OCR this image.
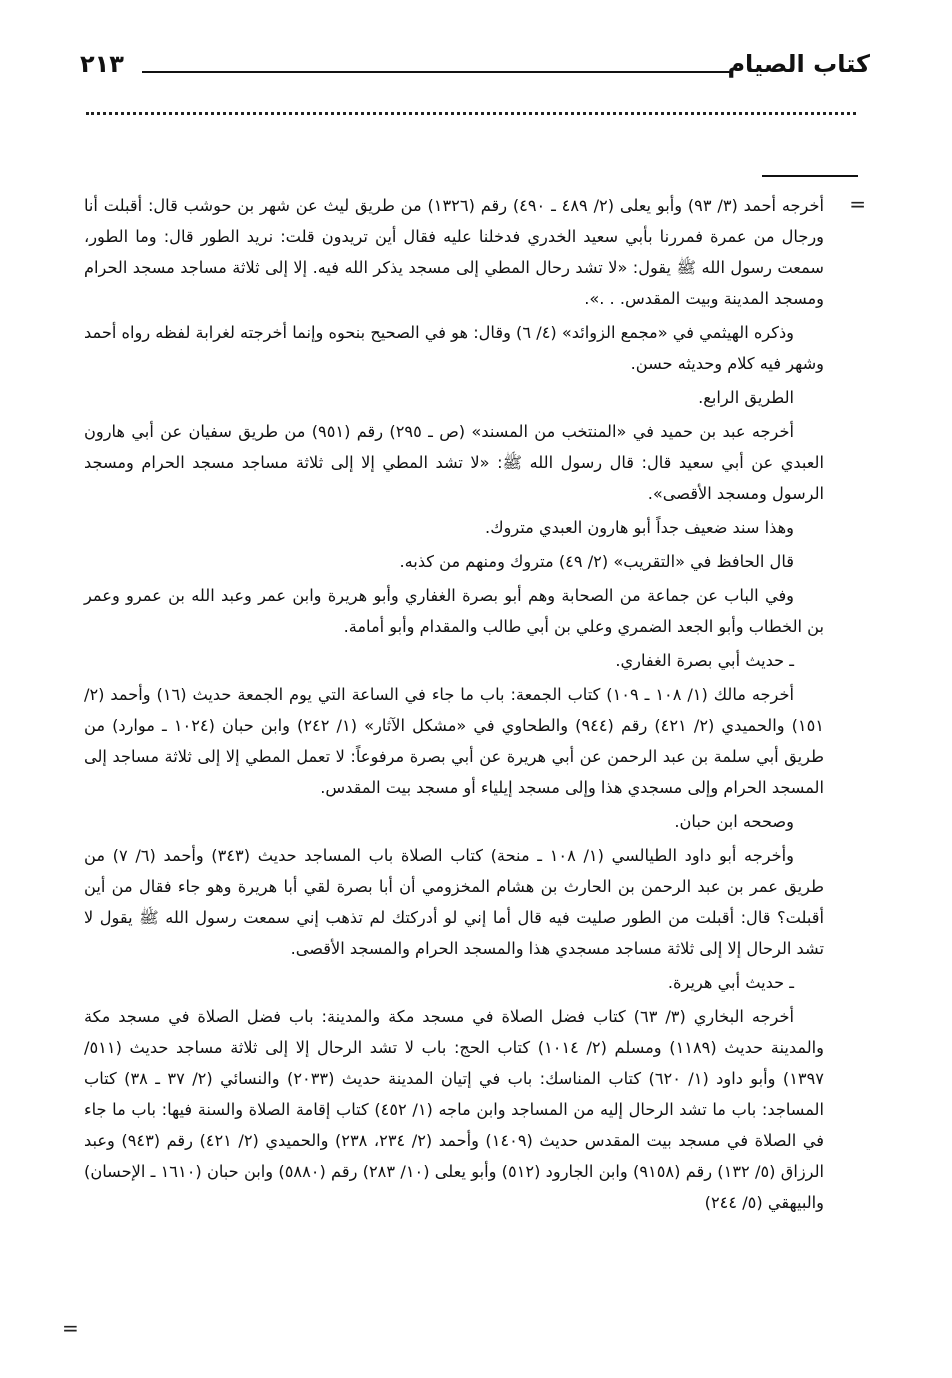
كتاب الصيام
٢١٣
=

أخرجه أحمد (٣/ ٩٣) وأبو يعلى (٢/ ٤٨٩ ـ ٤٩٠) رقم (١٣٢٦) من طريق ليث عن شهر بن حوشب قال: أقبلت أنا ورجال من عمرة فمررنا بأبي سعيد الخدري فدخلنا عليه فقال أين تريدون قلت: نريد الطور قال: وما الطور، سمعت رسول الله ﷺ يقول: «لا تشد رحال المطي إلى مسجد يذكر الله فيه. إلا إلى ثلاثة مساجد مسجد الحرام ومسجد المدينة وبيت المقدس. . .».

وذكره الهيثمي في «مجمع الزوائد» (٤/ ٦) وقال: هو في الصحيح بنحوه وإنما أخرجته لغرابة لفظه رواه أحمد وشهر فيه كلام وحديثه حسن.

الطريق الرابع.

أخرجه عبد بن حميد في «المنتخب من المسند» (ص ـ ٢٩٥) رقم (٩٥١) من طريق سفيان عن أبي هارون العبدي عن أبي سعيد قال: قال رسول الله ﷺ: «لا تشد المطي إلا إلى ثلاثة مساجد مسجد الحرام ومسجد الرسول ومسجد الأقصى».

وهذا سند ضعيف جداً أبو هارون العبدي متروك.

قال الحافظ في «التقريب» (٢/ ٤٩) متروك ومنهم من كذبه.

وفي الباب عن جماعة من الصحابة وهم أبو بصرة الغفاري وأبو هريرة وابن عمر وعبد الله بن عمرو وعمر بن الخطاب وأبو الجعد الضمري وعلي بن أبي طالب والمقدام وأبو أمامة.

ـ حديث أبي بصرة الغفاري.

أخرجه مالك (١/ ١٠٨ ـ ١٠٩) كتاب الجمعة: باب ما جاء في الساعة التي يوم الجمعة حديث (١٦) وأحمد (٢/ ١٥١) والحميدي (٢/ ٤٢١) رقم (٩٤٤) والطحاوي في «مشكل الآثار» (١/ ٢٤٢) وابن حبان (١٠٢٤ ـ موارد) من طريق أبي سلمة بن عبد الرحمن عن أبي هريرة عن أبي بصرة مرفوعاً: لا تعمل المطي إلا إلى ثلاثة مساجد إلى المسجد الحرام وإلى مسجدي هذا وإلى مسجد إيلياء أو مسجد بيت المقدس.

وصححه ابن حبان.

وأخرجه أبو داود الطيالسي (١/ ١٠٨ ـ منحة) كتاب الصلاة باب المساجد حديث (٣٤٣) وأحمد (٦/ ٧) من طريق عمر بن عبد الرحمن بن الحارث بن هشام المخزومي أن أبا بصرة لقي أبا هريرة وهو جاء فقال من أين أقبلت؟ قال: أقبلت من الطور صليت فيه قال أما إني لو أدركتك لم تذهب إني سمعت رسول الله ﷺ يقول لا تشد الرحال إلا إلى ثلاثة مساجد مسجدي هذا والمسجد الحرام والمسجد الأقصى.

ـ حديث أبي هريرة.

أخرجه البخاري (٣/ ٦٣) كتاب فضل الصلاة في مسجد مكة والمدينة: باب فضل الصلاة في مسجد مكة والمدينة حديث (١١٨٩) ومسلم (٢/ ١٠١٤) كتاب الحج: باب لا تشد الرحال إلا إلى ثلاثة مساجد حديث (٥١١/ ١٣٩٧) وأبو داود (١/ ٦٢٠) كتاب المناسك: باب في إتيان المدينة حديث (٢٠٣٣) والنسائي (٢/ ٣٧ ـ ٣٨) كتاب المساجد: باب ما تشد الرحال إليه من المساجد وابن ماجه (١/ ٤٥٢) كتاب إقامة الصلاة والسنة فيها: باب ما جاء في الصلاة في مسجد بيت المقدس حديث (١٤٠٩) وأحمد (٢/ ٢٣٤، ٢٣٨) والحميدي (٢/ ٤٢١) رقم (٩٤٣) وعبد الرزاق (٥/ ١٣٢) رقم (٩١٥٨) وابن الجارود (٥١٢) وأبو يعلى (١٠/ ٢٨٣) رقم (٥٨٨٠) وابن حبان (١٦١٠ ـ الإحسان) والبيهقي (٥/ ٢٤٤)

=
